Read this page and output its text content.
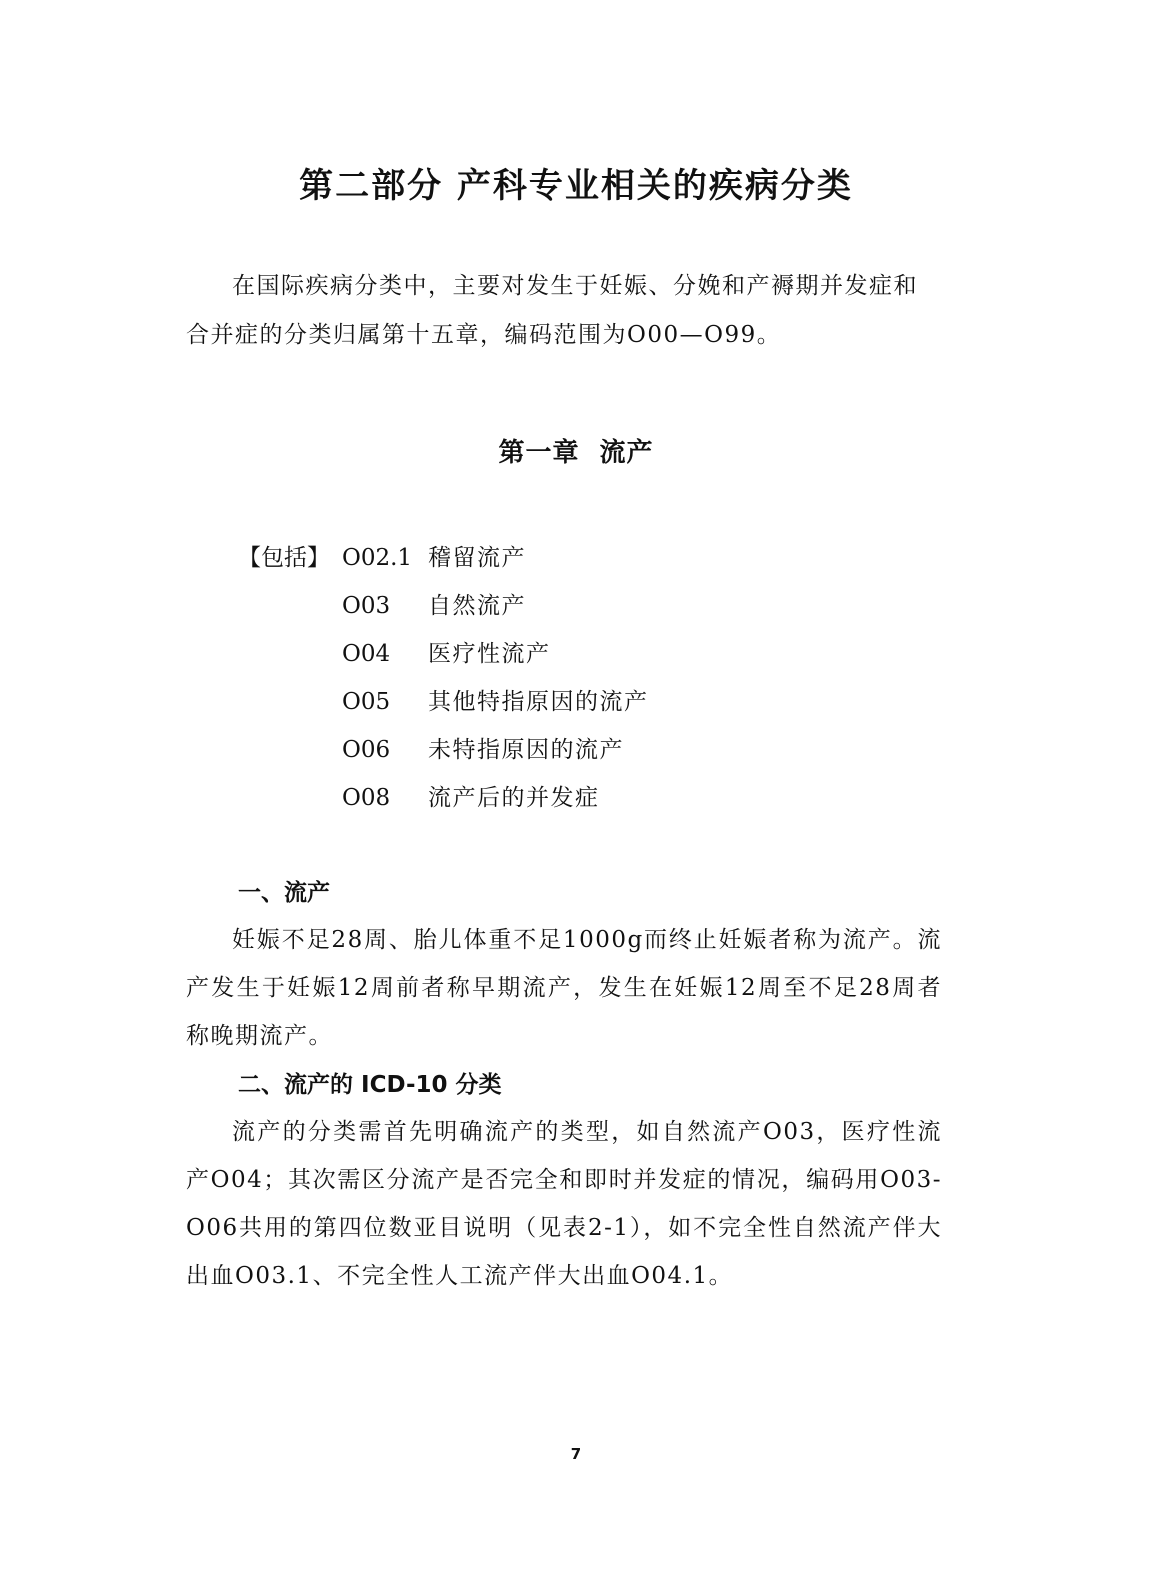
第二部分 产科专业相关的疾病分类

在国际疾病分类中，主要对发生于妊娠、分娩和产褥期并发症和合并症的分类归属第十五章，编码范围为O00—O99。

第一章  流产
【包括】 O02.1 稽留流产
O03 自然流产
O04 医疗性流产
O05 其他特指原因的流产
O06 未特指原因的流产
O08 流产后的并发症
一、流产

妊娠不足28周、胎儿体重不足1000g而终止妊娠者称为流产。流产发生于妊娠12周前者称早期流产，发生在妊娠12周至不足28周者称晚期流产。

二、流产的 ICD-10 分类

流产的分类需首先明确流产的类型，如自然流产O03，医疗性流产O04；其次需区分流产是否完全和即时并发症的情况，编码用O03-O06共用的第四位数亚目说明（见表2-1），如不完全性自然流产伴大出血O03.1、不完全性人工流产伴大出血O04.1。

7
